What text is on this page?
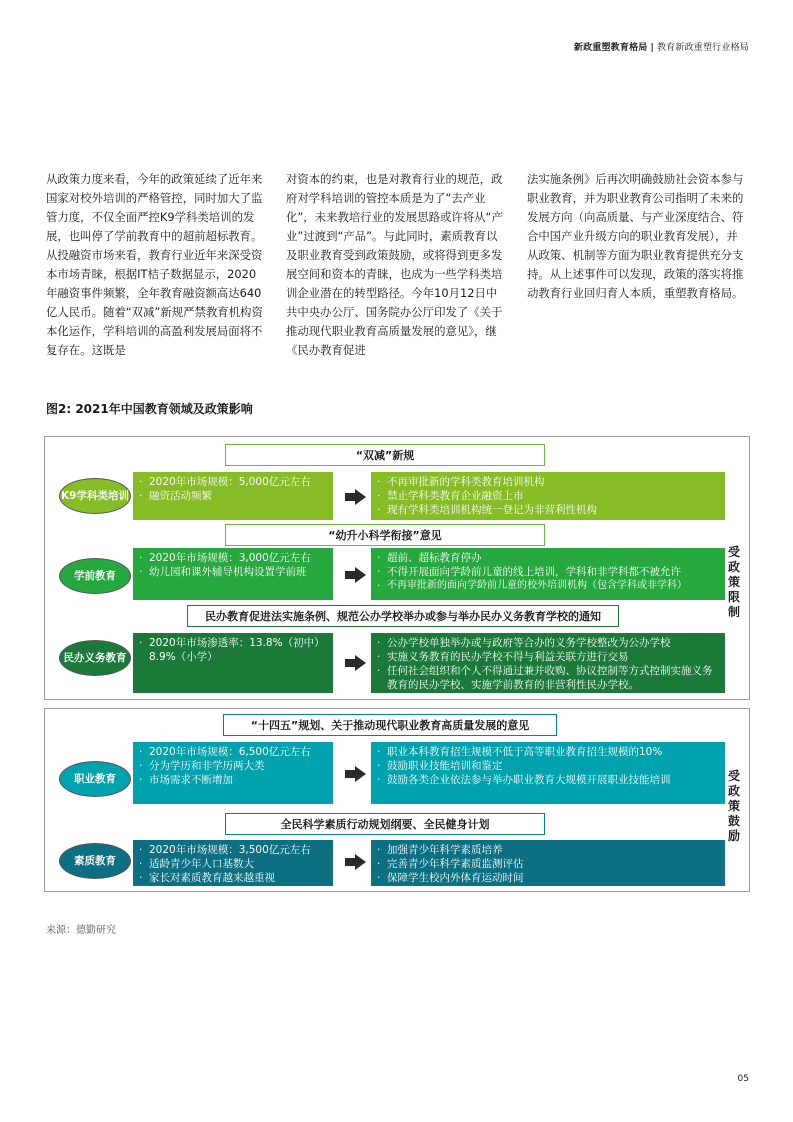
新政重塑教育格局 | 教育新政重塑行业格局
从政策力度来看，今年的政策延续了近年来国家对校外培训的严格管控，同时加大了监管力度，不仅全面严控K9学科类培训的发展，也叫停了学前教育中的超前超标教育。从投融资市场来看，教育行业近年来深受资本市场青睐，根据IT桔子数据显示，2020年融资事件频繁，全年教育融资额高达640亿人民币。随着“双减”新规严禁教育机构资本化运作，学科培训的高盈利发展局面将不复存在。这既是
对资本的约束，也是对教育行业的规范，政府对学科培训的管控本质是为了“去产业化”，未来教培行业的发展思路或许将从“产业”过渡到“产品”。与此同时，素质教育以及职业教育受到政策鼓励，或将得到更多发展空间和资本的青睐，也成为一些学科类培训企业潜在的转型路径。今年10月12日中共中央办公厅、国务院办公厅印发了《关于推动现代职业教育高质量发展的意见》，继《民办教育促进
法实施条例》后再次明确鼓励社会资本参与职业教育，并为职业教育公司指明了未来的发展方向（向高质量、与产业深度结合、符合中国产业升级方向的职业教育发展），并从政策、机制等方面为职业教育提供充分支持。从上述事件可以发现，政策的落实将推动教育行业回归育人本质，重塑教育格局。
图2: 2021年中国教育领域及政策影响
受政策限制
“双减”新规
K9学科类培训
· 2020年市场规模：5,000亿元左右
· 融资活动频繁
· 不再审批新的学科类教育培训机构
· 禁止学科类教育企业融资上市
· 现有学科类培训机构统一登记为非营利性机构
“幼升小科学衔接”意见
学前教育
· 2020年市场规模：3,000亿元左右
· 幼儿园和课外辅导机构设置学前班
· 超前、超标教育停办
· 不得开展面向学龄前儿童的线上培训，学科和非学科都不被允许
· 不再审批新的面向学龄前儿童的校外培训机构（包含学科或非学科）
民办教育促进法实施条例、规范公办学校举办或参与举办民办义务教育学校的通知
民办义务教育
· 2020年市场渗透率：13.8%（初中）8.9%（小学）
· 公办学校单独举办或与政府等合办的义务学校整改为公办学校
· 实施义务教育的民办学校不得与利益关联方进行交易
· 任何社会组织和个人不得通过兼并收购、协议控制等方式控制实施义务教育的民办学校、实施学前教育的非营利性民办学校。
受政策鼓励
“十四五”规划、关于推动现代职业教育高质量发展的意见
职业教育
· 2020年市场规模：6,500亿元左右
· 分为学历和非学历两大类
· 市场需求不断增加
· 职业本科教育招生规模不低于高等职业教育招生规模的10%
· 鼓励职业技能培训和鉴定
· 鼓励各类企业依法参与举办职业教育大规模开展职业技能培训
全民科学素质行动规划纲要、全民健身计划
素质教育
· 2020年市场规模：3,500亿元左右
· 适龄青少年人口基数大
· 家长对素质教育越来越重视
· 加强青少年科学素质培养
· 完善青少年科学素质监测评估
· 保障学生校内外体育运动时间
来源：德勤研究
05
